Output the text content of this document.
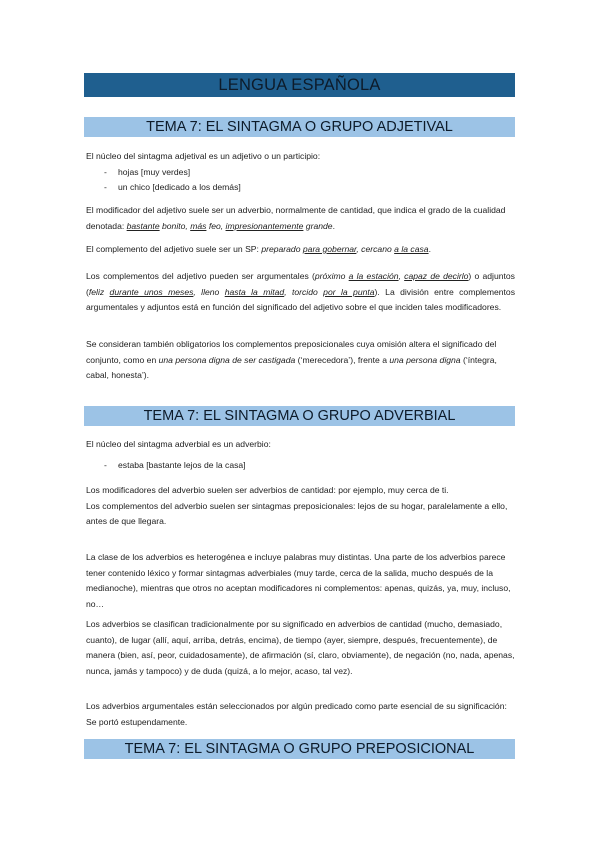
LENGUA ESPAÑOLA
TEMA 7: EL SINTAGMA O GRUPO ADJETIVAL

El núcleo del sintagma adjetival es un adjetivo o un participio:

-	hojas [muy verdes]
-	un chico [dedicado a los demás]

El modificador del adjetivo suele ser un adverbio, normalmente de cantidad, que indica el grado de la cualidad denotada: bastante bonito, más feo, impresionantemente grande.

El complemento del adjetivo suele ser un SP: preparado para gobernar, cercano a la casa.

Los complementos del adjetivo pueden ser argumentales (próximo a la estación, capaz de decirlo) o adjuntos (feliz durante unos meses, lleno hasta la mitad, torcido por la punta). La división entre complementos argumentales y adjuntos está en función del significado del adjetivo sobre el que inciden tales modificadores.

Se consideran también obligatorios los complementos preposicionales cuya omisión altera el significado del conjunto, como en una persona digna de ser castigada (‘merecedora’), frente a una persona digna (‘íntegra, cabal, honesta’).

TEMA 7: EL SINTAGMA O GRUPO ADVERBIAL

El núcleo del sintagma adverbial es un adverbio:

-	estaba [bastante lejos de la casa]

Los modificadores del adverbio suelen ser adverbios de cantidad: por ejemplo, muy cerca de ti.

Los complementos del adverbio suelen ser sintagmas preposicionales: lejos de su hogar, paralelamente a ello, antes de que llegara.

La clase de los adverbios es heterogénea e incluye palabras muy distintas. Una parte de los adverbios parece tener contenido léxico y formar sintagmas adverbiales (muy tarde, cerca de la salida, mucho después de la medianoche), mientras que otros no aceptan modificadores ni complementos: apenas, quizás, ya, muy, incluso, no…

Los adverbios se clasifican tradicionalmente por su significado en adverbios de cantidad (mucho, demasiado, cuanto), de lugar (allí, aquí, arriba, detrás, encima), de tiempo (ayer, siempre, después, frecuentemente), de manera (bien, así, peor, cuidadosamente), de afirmación (sí, claro, obviamente), de negación (no, nada, apenas, nunca, jamás y tampoco) y de duda (quizá, a lo mejor, acaso, tal vez).

Los adverbios argumentales están seleccionados por algún predicado como parte esencial de su significación: Se portó estupendamente.

TEMA 7: EL SINTAGMA O GRUPO PREPOSICIONAL
